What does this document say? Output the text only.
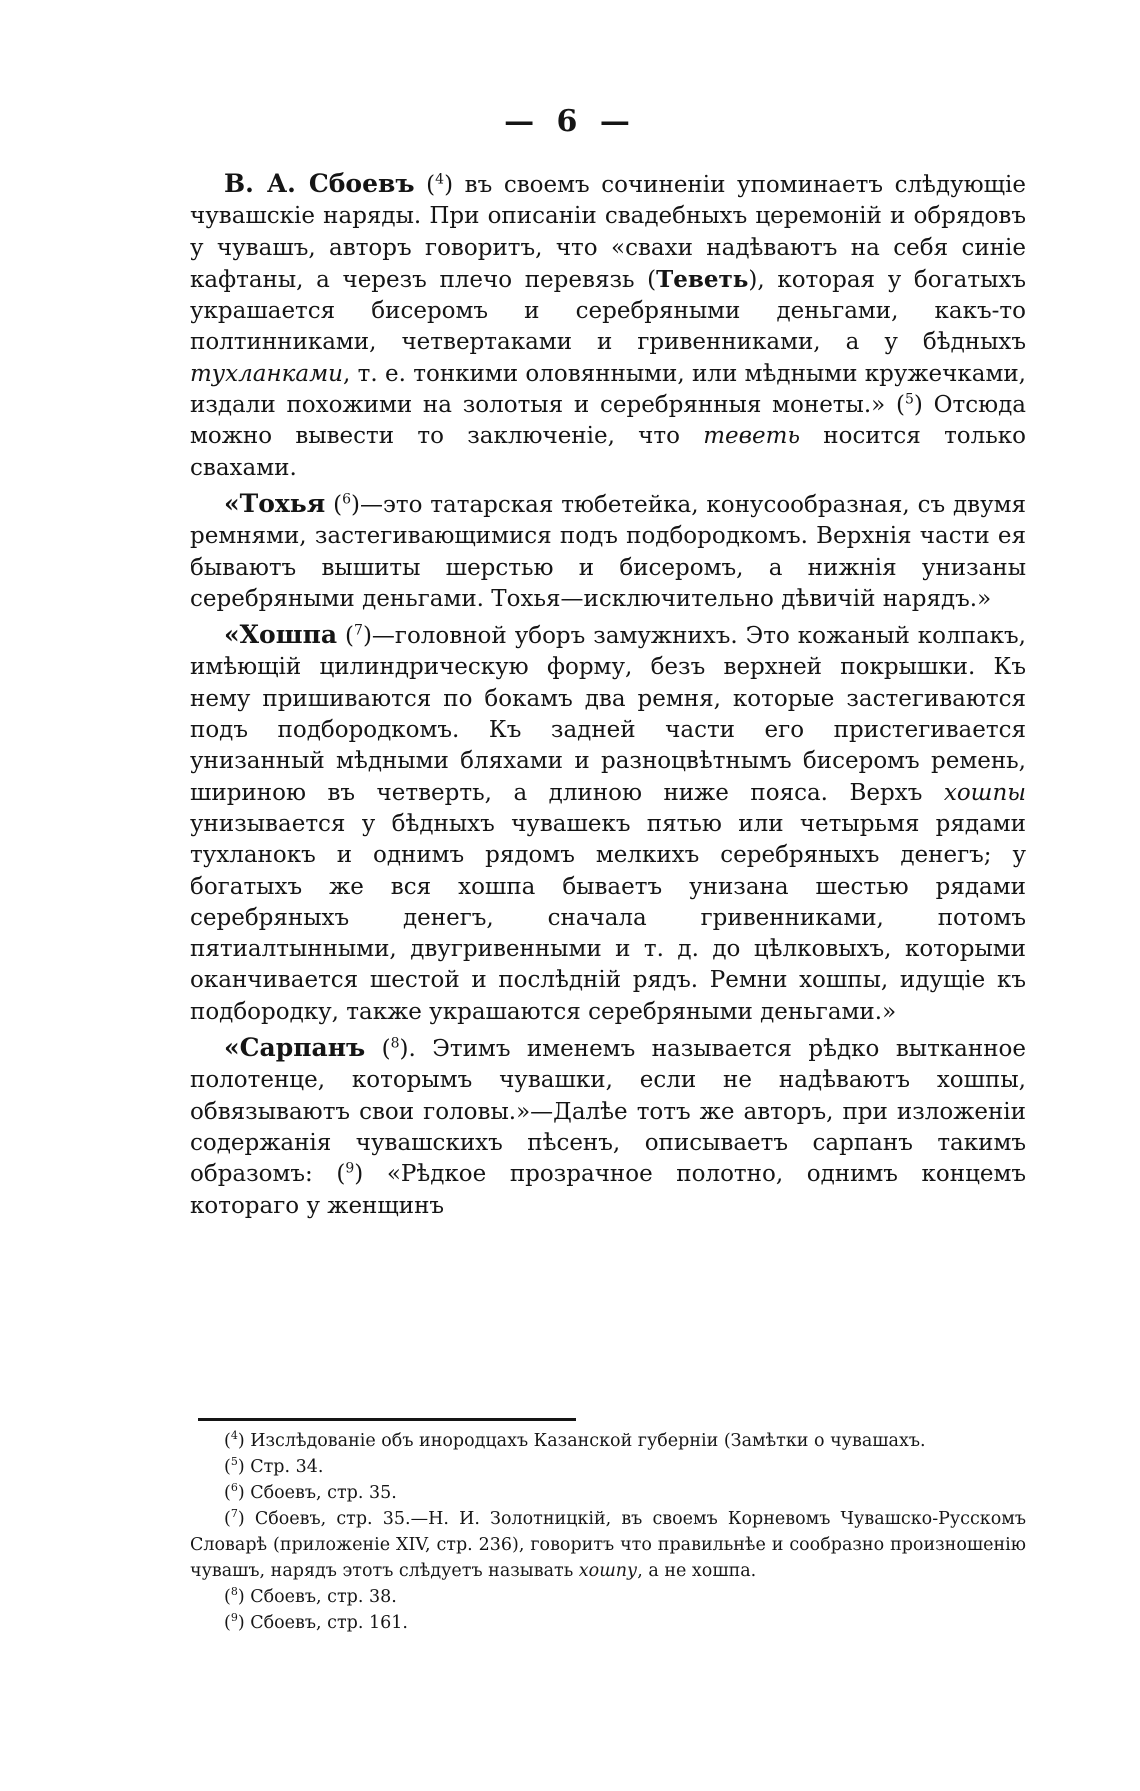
— 6 —

В. А. Сбоевъ ($^4$) въ своемъ сочиненіи упоминаетъ слѣдующіе чувашскіе наряды. При описаніи свадебныхъ церемоній и обрядовъ у чувашъ, авторъ говоритъ, что «свахи надѣваютъ на себя синіе кафтаны, а черезъ плечо перевязь (Теветь), которая у богатыхъ украшается бисеромъ и серебряными деньгами, какъ-то полтинниками, четвертаками и гривенниками, а у бѣдныхъ тухланками, т. е. тонкими оловянными, или мѣдными кружечками, издали похожими на золотыя и серебрянныя монеты.» ($^5$) Отсюда можно вывести то заключеніе, что теветь носится только свахами.

«Тохья ($^6$)—это татарская тюбетейка, конусообразная, съ двумя ремнями, застегивающимися подъ подбородкомъ. Верхнія части ея бываютъ вышиты шерстью и бисеромъ, а нижнія унизаны серебряными деньгами. Тохья—исключительно дѣвичій нарядъ.»

«Хошпа ($^7$)—головной уборъ замужнихъ. Это кожаный колпакъ, имѣющій цилиндрическую форму, безъ верхней покрышки. Къ нему пришиваются по бокамъ два ремня, которые застегиваются подъ подбородкомъ. Къ задней части его пристегивается унизанный мѣдными бляхами и разноцвѣтнымъ бисеромъ ремень, шириною въ четверть, а длиною ниже пояса. Верхъ хошпы унизывается у бѣдныхъ чувашекъ пятью или четырьмя рядами тухланокъ и однимъ рядомъ мелкихъ серебряныхъ денегъ; у богатыхъ же вся хошпа бываетъ унизана шестью рядами серебряныхъ денегъ, сначала гривенниками, потомъ пятиалтынными, двугривенными и т. д. до цѣлковыхъ, которыми оканчивается шестой и послѣдній рядъ. Ремни хошпы, идущіе къ подбородку, также украшаются серебряными деньгами.»

«Сарпанъ ($^8$). Этимъ именемъ называется рѣдко вытканное полотенце, которымъ чувашки, если не надѣваютъ хошпы, обвязываютъ свои головы.»—Далѣе тотъ же авторъ, при изложеніи содержанія чувашскихъ пѣсенъ, описываетъ сарпанъ такимъ образомъ: ($^9$) «Рѣдкое прозрачное полотно, однимъ концемъ котораго у женщинъ

($^4$) Изслѣдованіе объ инородцахъ Казанской губерніи (Замѣтки о чувашахъ.

($^5$) Стр. 34.

($^6$) Сбоевъ, стр. 35.

($^7$) Сбоевъ, стр. 35.—Н. И. Золотницкій, въ своемъ Корневомъ Чувашско-Русскомъ Словарѣ (приложеніе XIV, стр. 236), говоритъ что правильнѣе и сообразно произношенію чувашъ, нарядъ этотъ слѣдуетъ называть хошпу, а не хошпа.

($^8$) Сбоевъ, стр. 38.

($^9$) Сбоевъ, стр. 161.
